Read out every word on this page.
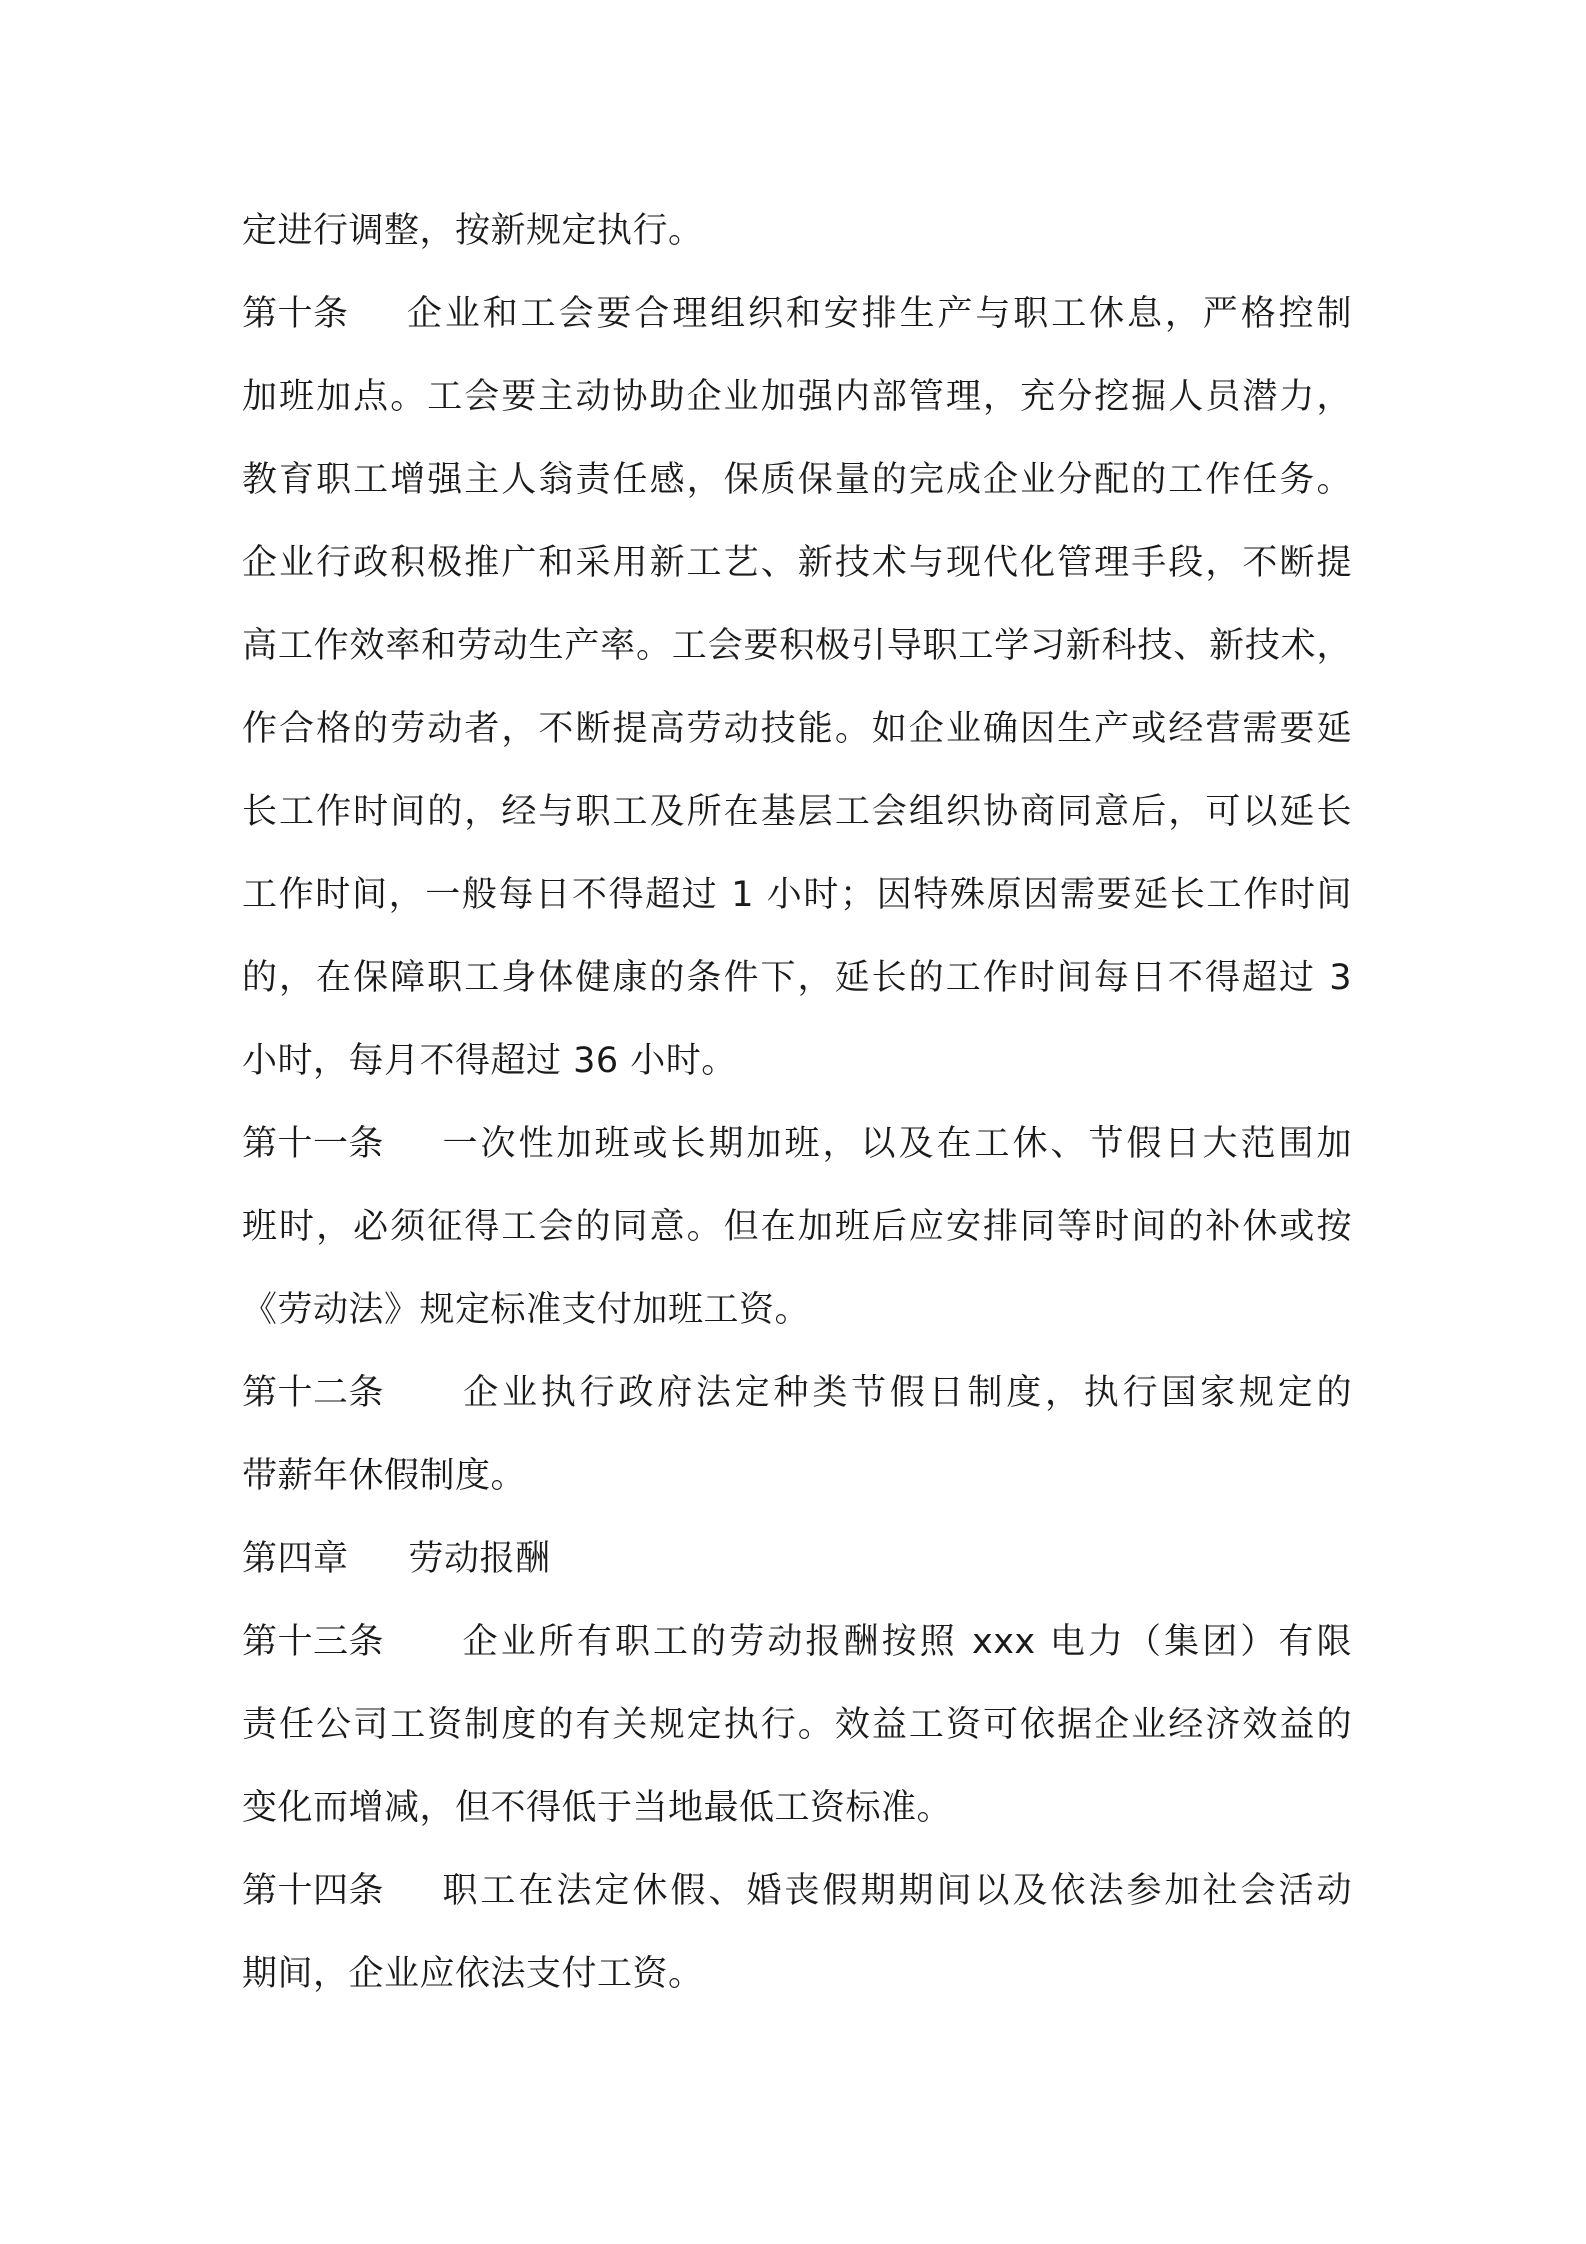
定进行调整，按新规定执行。
第十条 企业和工会要合理组织和安排生产与职工休息，严格控制
加班加点。工会要主动协助企业加强内部管理，充分挖掘人员潜力，
教育职工增强主人翁责任感，保质保量的完成企业分配的工作任务。
企业行政积极推广和采用新工艺、新技术与现代化管理手段，不断提
高工作效率和劳动生产率。工会要积极引导职工学习新科技、新技术，
作合格的劳动者，不断提高劳动技能。如企业确因生产或经营需要延
长工作时间的，经与职工及所在基层工会组织协商同意后，可以延长
工作时间，一般每日不得超过 1 小时；因特殊原因需要延长工作时间
的，在保障职工身体健康的条件下，延长的工作时间每日不得超过 3
小时，每月不得超过 36 小时。
第十一条 一次性加班或长期加班，以及在工休、节假日大范围加
班时，必须征得工会的同意。但在加班后应安排同等时间的补休或按
《劳动法》规定标准支付加班工资。
第十二条 企业执行政府法定种类节假日制度，执行国家规定的
带薪年休假制度。
第四章 劳动报酬
第十三条 企业所有职工的劳动报酬按照 xxx 电力（集团）有限
责任公司工资制度的有关规定执行。效益工资可依据企业经济效益的
变化而增减，但不得低于当地最低工资标准。
第十四条 职工在法定休假、婚丧假期期间以及依法参加社会活动
期间，企业应依法支付工资。
